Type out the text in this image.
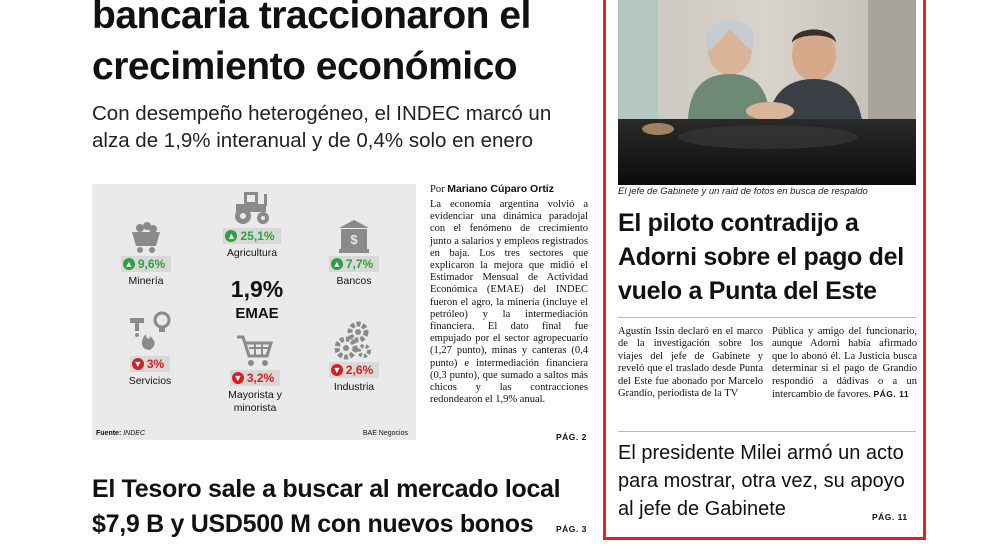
bancaria traccionaron el
crecimiento económico
Con desempeño heterogéneo, el INDEC marcó un alza de 1,9% interanual y de 0,4% solo en enero
▲ 25,1%
Agricultura
▲ 9,6%
Minería
$
▲ 7,7%
Bancos
1,9%
EMAE
▼ 3%
Servicios	▼ 3,2%
Mayorista y minorista
▼ 2,6%
Industria
Fuente: INDEC	BAE Negocios
Por Mariano Cúparo Ortiz
La economía argentina volvió a evidenciar una dinámica paradojal con el fenómeno de crecimiento junto a salarios y empleos registrados en baja. Los tres sectores que explicaron la mejora que midió el Estimador Mensual de Actividad Económica (EMAE) del INDEC fueron el agro, la minería (incluye el petróleo) y la intermediación financiera. El dato final fue empujado por el sector agropecuario (1,27 punto), minas y canteras (0,4 punto) e intermediación financiera (0,3 punto), que sumado a saltos más chicos y las contracciones redondearon el 1,9% anual.
PÁG. 2
El Tesoro sale a buscar al mercado local $7,9 B y USD500 M con nuevos bonos	PÁG. 3
El jefe de Gabinete y un raid de fotos en busca de respaldo
El piloto contradijo a Adorni sobre el pago del vuelo a Punta del Este
Agustín Issin declaró en el marco de la investigación sobre los viajes del jefe de Gabinete y reveló que el traslado desde Punta del Este fue abonado por Marcelo Grandío, periodista de la TV
Pública y amigo del funcionario, aunque Adorni había afirmado que lo abonó él. La Justicia busca determinar si el pago de Grandío respondió a dádivas o a un intercambio de favores. PÁG. 11
El presidente Milei armó un acto para mostrar, otra vez, su apoyo al jefe de Gabinete	PÁG. 11
